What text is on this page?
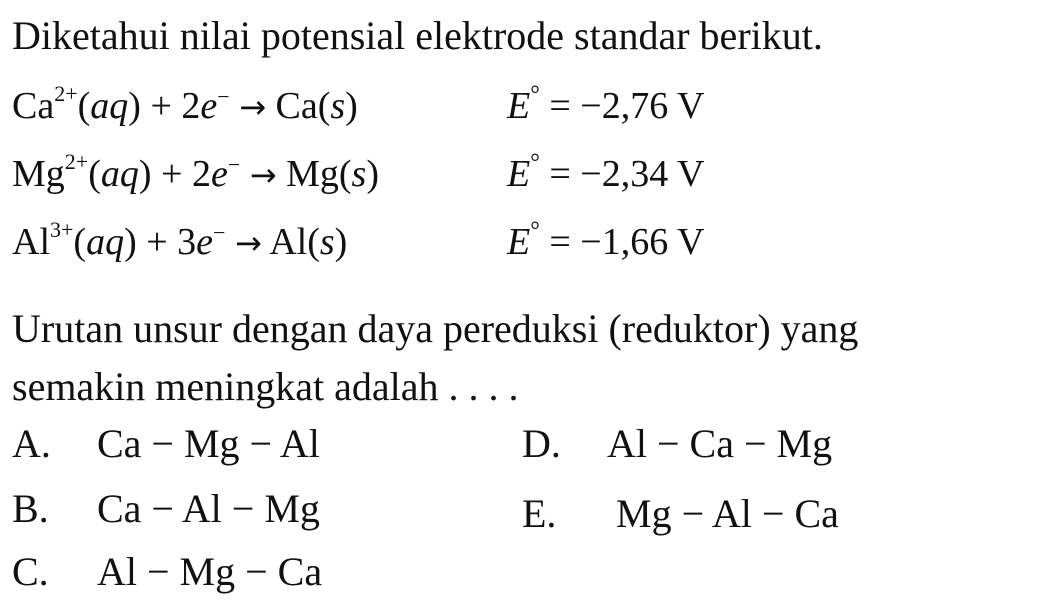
Diketahui nilai potensial elektrode standar berikut.
$Ca^{2+}(aq) + 2e^- \to Ca(s)$	E° = −2,76 V
$Mg^{2+}(aq) + 2e^- \to Mg(s)$	E° = −2,34 V
$Al^{3+}(aq) + 3e^- \to Al(s)$	E° = −1,66 V
Urutan unsur dengan daya pereduksi (reduktor) yang
semakin meningkat adalah . . . .
A. Ca − Mg − Al
B. Ca − Al − Mg
C. Al − Mg − Ca
D. Al − Ca − Mg
E. Mg − Al − Ca
